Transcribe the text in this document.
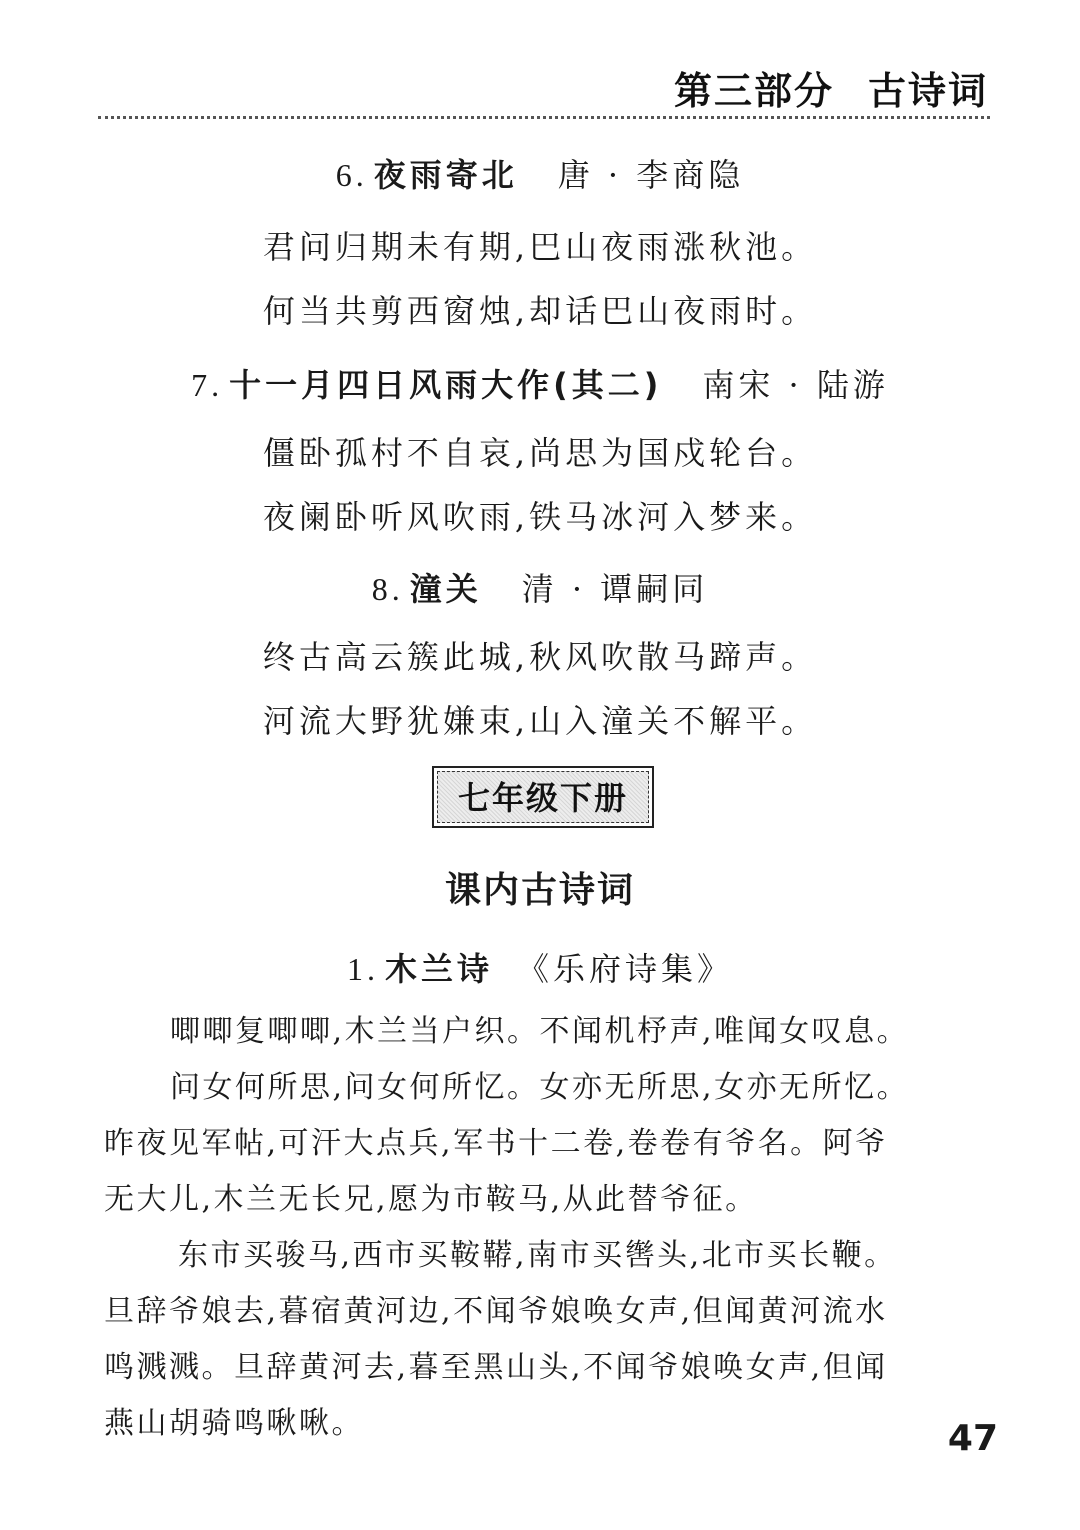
第三部分 古诗词
6. 夜雨寄北 唐 · 李商隐
君问归期未有期,巴山夜雨涨秋池。
何当共剪西窗烛,却话巴山夜雨时。
7. 十一月四日风雨大作(其二) 南宋 · 陆游
僵卧孤村不自哀,尚思为国戍轮台。
夜阑卧听风吹雨,铁马冰河入梦来。
8. 潼关 清 · 谭嗣同
终古高云簇此城,秋风吹散马蹄声。
河流大野犹嫌束,山入潼关不解平。
七年级下册
课内古诗词
1. 木兰诗 《乐府诗集》
唧唧复唧唧,木兰当户织。不闻机杼声,唯闻女叹息。
问女何所思,问女何所忆。女亦无所思,女亦无所忆。
昨夜见军帖,可汗大点兵,军书十二卷,卷卷有爷名。阿爷
无大儿,木兰无长兄,愿为市鞍马,从此替爷征。
东市买骏马,西市买鞍鞯,南市买辔头,北市买长鞭。
旦辞爷娘去,暮宿黄河边,不闻爷娘唤女声,但闻黄河流水
鸣溅溅。旦辞黄河去,暮至黑山头,不闻爷娘唤女声,但闻
燕山胡骑鸣啾啾。	47
